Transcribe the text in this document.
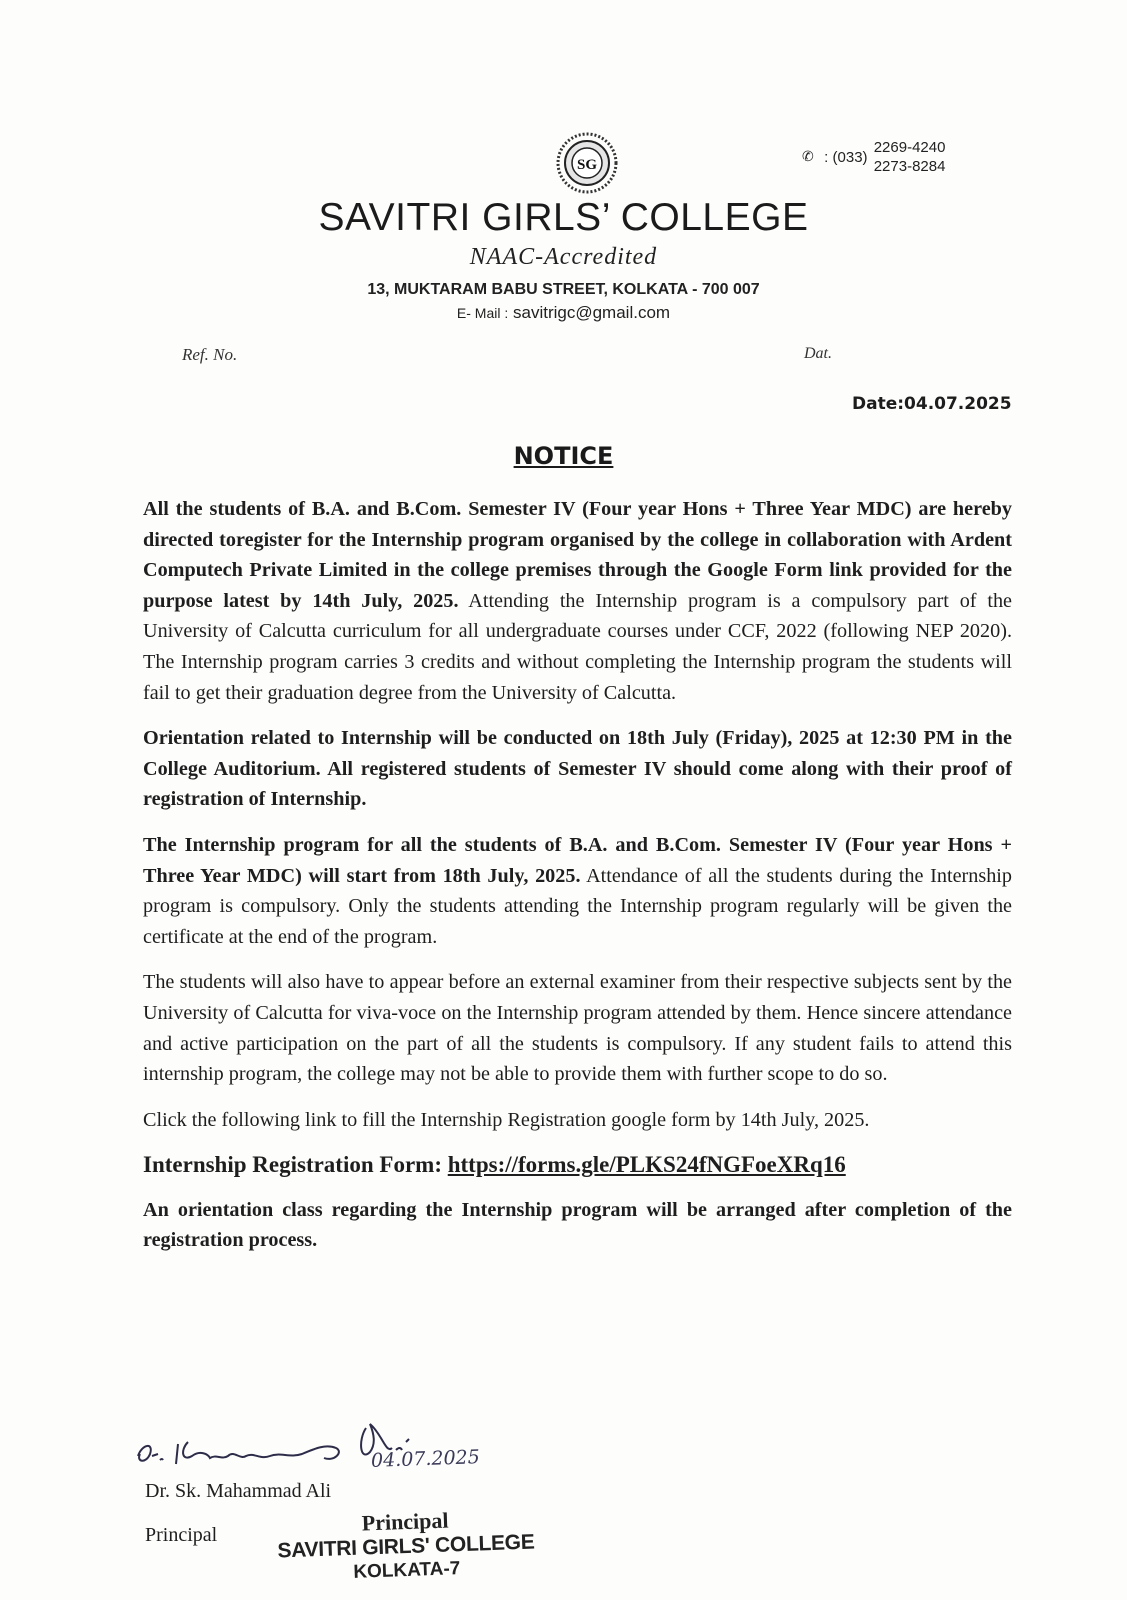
SG
✆ : (033) 2269-4240
2273-8284
SAVITRI GIRLS’ COLLEGE
NAAC-Accredited
13, MUKTARAM BABU STREET, KOLKATA - 700 007
E- Mail : savitrigc@gmail.com
Ref. No.	Dat.
Date:04.07.2025
NOTICE

All the students of B.A. and B.Com. Semester IV (Four year Hons + Three Year MDC) are hereby directed toregister for the Internship program organised by the college in collaboration with Ardent Computech Private Limited in the college premises through the Google Form link provided for the purpose latest by 14th July, 2025. Attending the Internship program is a compulsory part of the University of Calcutta curriculum for all undergraduate courses under CCF, 2022 (following NEP 2020). The Internship program carries 3 credits and without completing the Internship program the students will fail to get their graduation degree from the University of Calcutta.

Orientation related to Internship will be conducted on 18th July (Friday), 2025 at 12:30 PM in the College Auditorium. All registered students of Semester IV should come along with their proof of registration of Internship.

The Internship program for all the students of B.A. and B.Com. Semester IV (Four year Hons + Three Year MDC) will start from 18th July, 2025. Attendance of all the students during the Internship program is compulsory. Only the students attending the Internship program regularly will be given the certificate at the end of the program.

The students will also have to appear before an external examiner from their respective subjects sent by the University of Calcutta for viva-voce on the Internship program attended by them. Hence sincere attendance and active participation on the part of all the students is compulsory. If any student fails to attend this internship program, the college may not be able to provide them with further scope to do so.

Click the following link to fill the Internship Registration google form by 14th July, 2025.

Internship Registration Form: https://forms.gle/PLKS24fNGFoeXRq16

An orientation class regarding the Internship program will be arranged after completion of the registration process.

04.07.2025
Dr. Sk. Mahammad Ali
Principal	Principal
SAVITRI GIRLS' COLLEGE
KOLKATA-7
